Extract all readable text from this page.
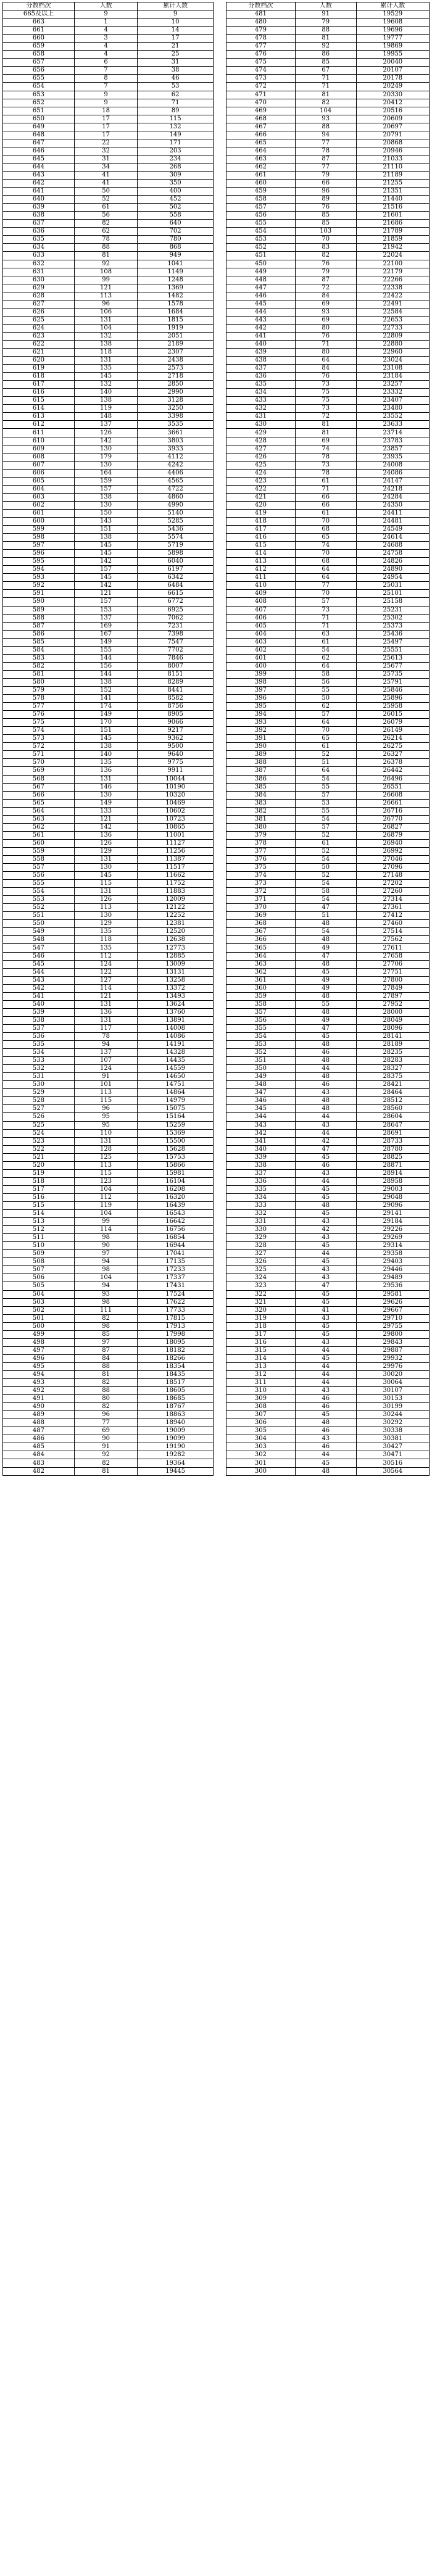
分数档次	人数	累计人数
665及以上	9	9
663	1	10
661	4	14
660	3	17
659	4	21
658	4	25
657	6	31
656	7	38
655	8	46
654	7	53
653	9	62
652	9	71
651	18	89
650	17	115
649	17	132
648	17	149
647	22	171
646	32	203
645	31	234
644	34	268
643	41	309
642	41	350
641	50	400
640	52	452
639	61	502
638	56	558
637	82	640
636	62	702
635	78	780
634	88	868
633	81	949
632	92	1041
631	108	1149
630	99	1248
629	121	1369
628	113	1482
627	96	1578
626	106	1684
625	131	1815
624	104	1919
623	132	2051
622	138	2189
621	118	2307
620	131	2438
619	135	2573
618	145	2718
617	132	2850
616	140	2990
615	138	3128
614	119	3250
613	148	3398
612	137	3535
611	126	3661
610	142	3803
609	130	3933
608	179	4112
607	130	4242
606	164	4406
605	159	4565
604	157	4722
603	138	4860
602	130	4990
601	150	5140
600	143	5285
599	151	5436
598	138	5574
597	145	5719
596	145	5898
595	142	6040
594	157	6197
593	145	6342
592	142	6484
591	121	6615
590	157	6772
589	153	6925
588	137	7062
587	169	7231
586	167	7398
585	149	7547
584	155	7702
583	144	7846
582	156	8007
581	144	8151
580	138	8289
579	152	8441
578	141	8582
577	174	8756
576	149	8905
575	170	9066
574	151	9217
573	145	9362
572	138	9500
571	140	9640
570	135	9775
569	136	9911
568	131	10044
567	146	10190
566	130	10320
565	149	10469
564	133	10602
563	121	10723
562	142	10865
561	136	11001
560	126	11127
559	129	11256
558	131	11387
557	130	11517
556	145	11662
555	115	11752
554	131	11883
553	126	12009
552	113	12122
551	130	12252
550	129	12381
549	135	12520
548	118	12638
547	135	12773
546	112	12885
545	124	13009
544	122	13131
543	127	13258
542	114	13372
541	121	13493
540	131	13624
539	136	13760
538	131	13891
537	117	14008
536	78	14086
535	94	14191
534	137	14328
533	107	14435
532	124	14559
531	91	14650
530	101	14751
529	113	14864
528	115	14979
527	96	15075
526	95	15164
525	95	15259
524	110	15369
523	131	15500
522	128	15628
521	125	15753
520	113	15866
519	115	15981
518	123	16104
517	104	16208
516	112	16320
515	119	16439
514	104	16543
513	99	16642
512	114	16756
511	98	16854
510	90	16944
509	97	17041
508	94	17135
507	98	17233
506	104	17337
505	94	17431
504	93	17524
503	98	17622
502	111	17733
501	82	17815
500	98	17913
499	85	17998
498	97	18095
497	87	18182
496	84	18266
495	88	18354
494	81	18435
493	82	18517
492	88	18605
491	80	18685
490	82	18767
489	96	18863
488	77	18940
487	69	19009
486	90	19099
485	91	19190
484	92	19282
483	82	19364
482	81	19445
分数档次	人数	累计人数
481	91	19529
480	79	19608
479	88	19696
478	81	19777
477	92	19869
476	86	19955
475	85	20040
474	67	20107
473	71	20178
472	71	20249
471	81	20330
470	82	20412
469	104	20516
468	93	20609
467	88	20697
466	94	20791
465	77	20868
464	78	20946
463	87	21033
462	77	21110
461	79	21189
460	66	21255
459	96	21351
458	89	21440
457	76	21516
456	85	21601
455	85	21686
454	103	21789
453	70	21859
452	83	21942
451	82	22024
450	76	22100
449	79	22179
448	87	22266
447	72	22338
446	84	22422
445	69	22491
444	93	22584
443	69	22653
442	80	22733
441	76	22809
440	71	22880
439	80	22960
438	64	23024
437	84	23108
436	76	23184
435	73	23257
434	75	23332
433	75	23407
432	73	23480
431	72	23552
430	81	23633
429	81	23714
428	69	23783
427	74	23857
426	78	23935
425	73	24008
424	78	24086
423	61	24147
422	71	24218
421	66	24284
420	66	24350
419	61	24411
418	70	24481
417	68	24549
416	65	24614
415	74	24688
414	70	24758
413	68	24826
412	64	24890
411	64	24954
410	77	25031
409	70	25101
408	57	25158
407	73	25231
406	71	25302
405	71	25373
404	63	25436
403	61	25497
402	54	25551
401	62	25613
400	64	25677
399	58	25735
398	56	25791
397	55	25846
396	50	25896
395	62	25958
394	57	26015
393	64	26079
392	70	26149
391	65	26214
390	61	26275
389	52	26327
388	51	26378
387	64	26442
386	54	26496
385	55	26551
384	57	26608
383	53	26661
382	55	26716
381	54	26770
380	57	26827
379	52	26879
378	61	26940
377	52	26992
376	54	27046
375	50	27096
374	52	27148
373	54	27202
372	58	27260
371	54	27314
370	47	27361
369	51	27412
368	48	27460
367	54	27514
366	48	27562
365	49	27611
364	47	27658
363	48	27706
362	45	27751
361	49	27800
360	49	27849
359	48	27897
358	55	27952
357	48	28000
356	49	28049
355	47	28096
354	45	28141
353	48	28189
352	46	28235
351	48	28283
350	44	28327
349	48	28375
348	46	28421
347	43	28464
346	48	28512
345	48	28560
344	44	28604
343	43	28647
342	44	28691
341	42	28733
340	47	28780
339	45	28825
338	46	28871
337	43	28914
336	44	28958
335	45	29003
334	45	29048
333	48	29096
332	45	29141
331	43	29184
330	42	29226
329	43	29269
328	45	29314
327	44	29358
326	45	29403
325	43	29446
324	43	29489
323	47	29536
322	45	29581
321	45	29626
320	41	29667
319	43	29710
318	45	29755
317	45	29800
316	43	29843
315	44	29887
314	45	29932
313	44	29976
312	44	30020
311	44	30064
310	43	30107
309	46	30153
308	46	30199
307	45	30244
306	48	30292
305	46	30338
304	43	30381
303	46	30427
302	44	30471
301	45	30516
300	48	30564
